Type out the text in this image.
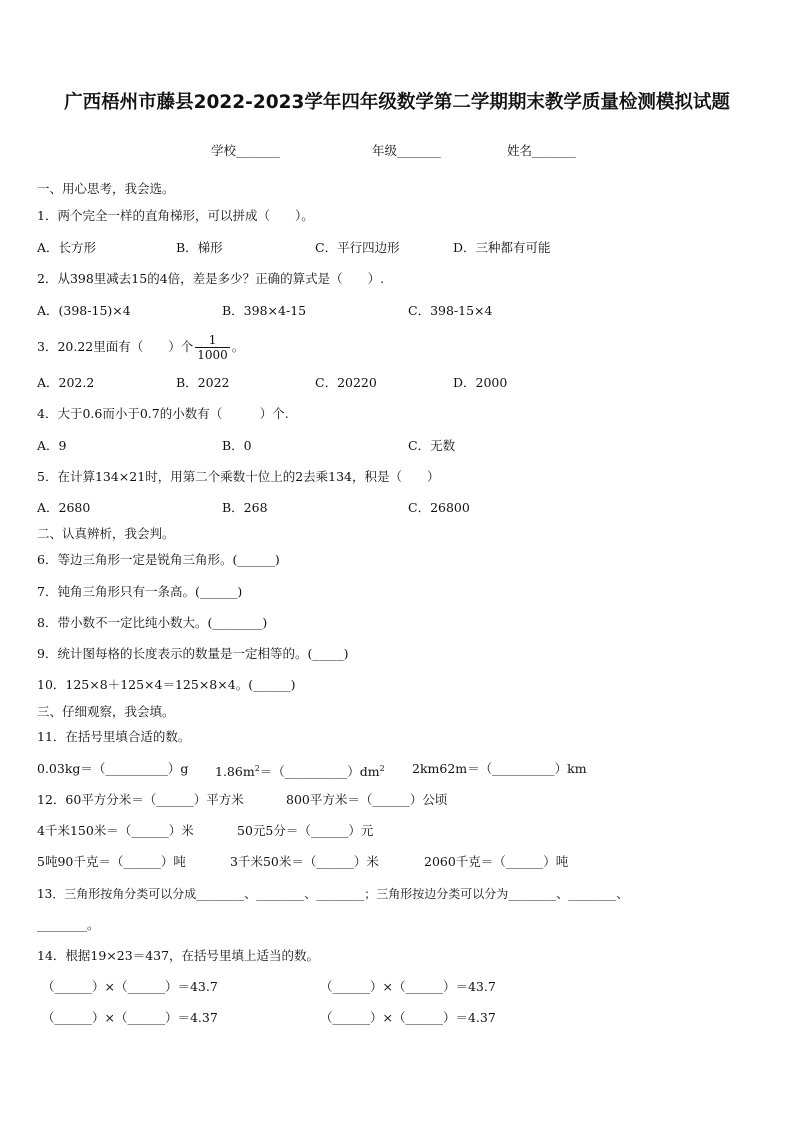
广西梧州市藤县2022-2023学年四年级数学第二学期期末教学质量检测模拟试题
学校_______	年级_______	姓名_______
一、用心思考，我会选。
1．两个完全一样的直角梯形，可以拼成（　　）。
A．长方形	B．梯形	C．平行四边形	D．三种都有可能
2．从398里减去15的4倍，差是多少？正确的算式是（　　）.
A．(398-15)×4	B．398×4-15	C．398-15×4
3．20.22里面有（　　）个 $\frac{1}{1000}$ 。
A．202.2	B．2022	C．20220	D．2000
4．大于0.6而小于0.7的小数有（　　　）个.
A．9	B．0	C．无数
5．在计算134×21时，用第二个乘数十位上的2去乘134，积是（　　）
A．2680	B．268	C．26800
二、认真辨析，我会判。
6．等边三角形一定是锐角三角形。(______)
7．钝角三角形只有一条高。(______)
8．带小数不一定比纯小数大。(________)
9．统计图每格的长度表示的数量是一定相等的。(_____)
10．125×8＋125×4＝125×8×4。(______)
三、仔细观察，我会填。
11．在括号里填合适的数。
0.03kg＝（__________）g $1.86m^2=(\_\_\_\_\_\_\_\_\_\_)dm^2$ 2km62m＝（__________）km
12．60平方分米＝（______）平方米	800平方米＝（______）公顷
4千米150米＝（______）米	50元5分＝（______）元
5吨90千克＝（______）吨	3千米50米＝（______）米	2060千克＝（______）吨
13．三角形按角分类可以分成________、________、________；三角形按边分类可以分为________、________、
________。
14．根据19×23＝437，在括号里填上适当的数。
（______）×（______）＝43.7	（______）×（______）＝43.7
（______）×（______）＝4.37	（______）×（______）＝4.37
